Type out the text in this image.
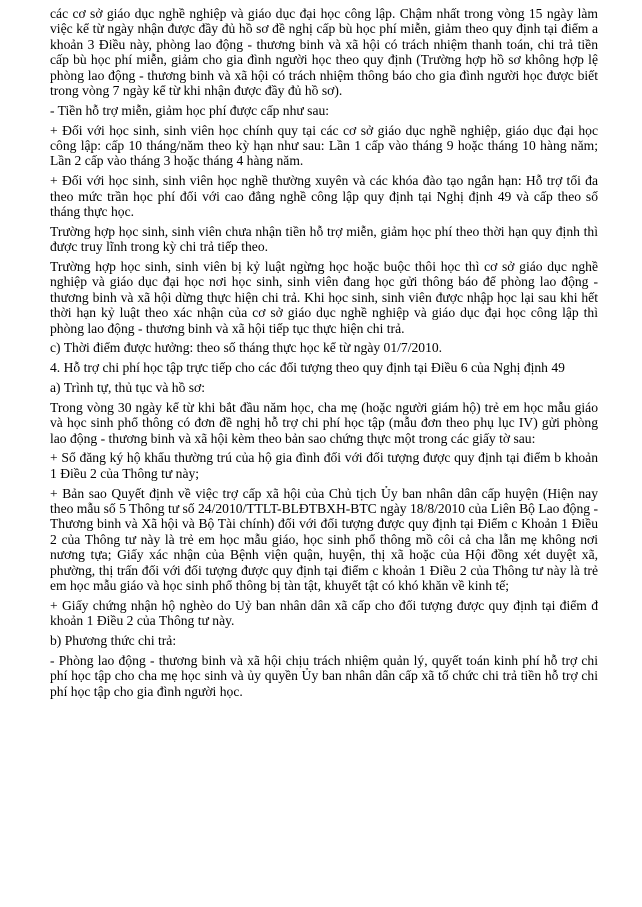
các cơ sở giáo dục nghề nghiệp và giáo dục đại học công lập. Chậm nhất trong vòng 15 ngày làm việc kể từ ngày nhận được đầy đủ hồ sơ đề nghị cấp bù học phí miễn, giảm theo quy định tại điểm a khoản 3 Điều này, phòng lao động - thương binh và xã hội có trách nhiệm thanh toán, chi trả tiền cấp bù học phí miễn, giảm cho gia đình người học theo quy định (Trường hợp hồ sơ không hợp lệ phòng lao động - thương binh và xã hội có trách nhiệm thông báo cho gia đình người học được biết trong vòng 7 ngày kể từ khi nhận được đầy đủ hồ sơ).

- Tiền hỗ trợ miễn, giảm học phí được cấp như sau:

+ Đối với học sinh, sinh viên học chính quy tại các cơ sở giáo dục nghề nghiệp, giáo dục đại học công lập: cấp 10 tháng/năm theo kỳ hạn như sau: Lần 1 cấp vào tháng 9 hoặc tháng 10 hàng năm; Lần 2 cấp vào tháng 3 hoặc tháng 4 hàng năm.

+ Đối với học sinh, sinh viên học nghề thường xuyên và các khóa đào tạo ngắn hạn: Hỗ trợ tối đa theo mức trần học phí đối với cao đẳng nghề công lập quy định tại Nghị định 49 và cấp theo số tháng thực học.

Trường hợp học sinh, sinh viên chưa nhận tiền hỗ trợ miễn, giảm học phí theo thời hạn quy định thì được truy lĩnh trong kỳ chi trả tiếp theo.

Trường hợp học sinh, sinh viên bị kỷ luật ngừng học hoặc buộc thôi học thì cơ sở giáo dục nghề nghiệp và giáo dục đại học nơi học sinh, sinh viên đang học gửi thông báo để phòng lao động - thương binh và xã hội dừng thực hiện chi trả. Khi học sinh, sinh viên được nhập học lại sau khi hết thời hạn kỷ luật theo xác nhận của cơ sở giáo dục nghề nghiệp và giáo dục đại học công lập thì phòng lao động - thương binh và xã hội tiếp tục thực hiện chi trả.

c) Thời điểm được hưởng: theo số tháng thực học kể từ ngày 01/7/2010.

4. Hỗ trợ chi phí học tập trực tiếp cho các đối tượng theo quy định tại Điều 6 của Nghị định 49

a) Trình tự, thủ tục và hồ sơ:

Trong vòng 30 ngày kể từ khi bắt đầu năm học, cha mẹ (hoặc người giám hộ) trẻ em học mẫu giáo và học sinh phổ thông có đơn đề nghị hỗ trợ chi phí học tập (mẫu đơn theo phụ lục IV) gửi phòng lao động - thương binh và xã hội kèm theo bản sao chứng thực một trong các giấy tờ sau:

+ Sổ đăng ký hộ khẩu thường trú của hộ gia đình đối với đối tượng được quy định tại điểm b khoản 1 Điều 2 của Thông tư này;

+ Bản sao Quyết định về việc trợ cấp xã hội của Chủ tịch Ủy ban nhân dân cấp huyện (Hiện nay theo mẫu số 5 Thông tư số 24/2010/TTLT-BLĐTBXH-BTC ngày 18/8/2010 của Liên Bộ Lao động - Thương binh và Xã hội và Bộ Tài chính) đối với đối tượng được quy định tại Điểm c Khoản 1 Điều 2 của Thông tư này là trẻ em học mẫu giáo, học sinh phổ thông mồ côi cả cha lẫn mẹ không nơi nương tựa; Giấy xác nhận của Bệnh viện quận, huyện, thị xã hoặc của Hội đồng xét duyệt xã, phường, thị trấn đối với đối tượng được quy định tại điểm c khoản 1 Điều 2 của Thông tư này là trẻ em học mẫu giáo và học sinh phổ thông bị tàn tật, khuyết tật có khó khăn về kinh tế;

+ Giấy chứng nhận hộ nghèo do Uỷ ban nhân dân xã cấp cho đối tượng được quy định tại điểm đ khoản 1 Điều 2 của Thông tư này.

b) Phương thức chi trả:

- Phòng lao động - thương binh và xã hội chịu trách nhiệm quản lý, quyết toán kinh phí hỗ trợ chi phí học tập cho cha mẹ học sinh và ủy quyền Ủy ban nhân dân cấp xã tổ chức chi trả tiền hỗ trợ chi phí học tập cho gia đình người học.
